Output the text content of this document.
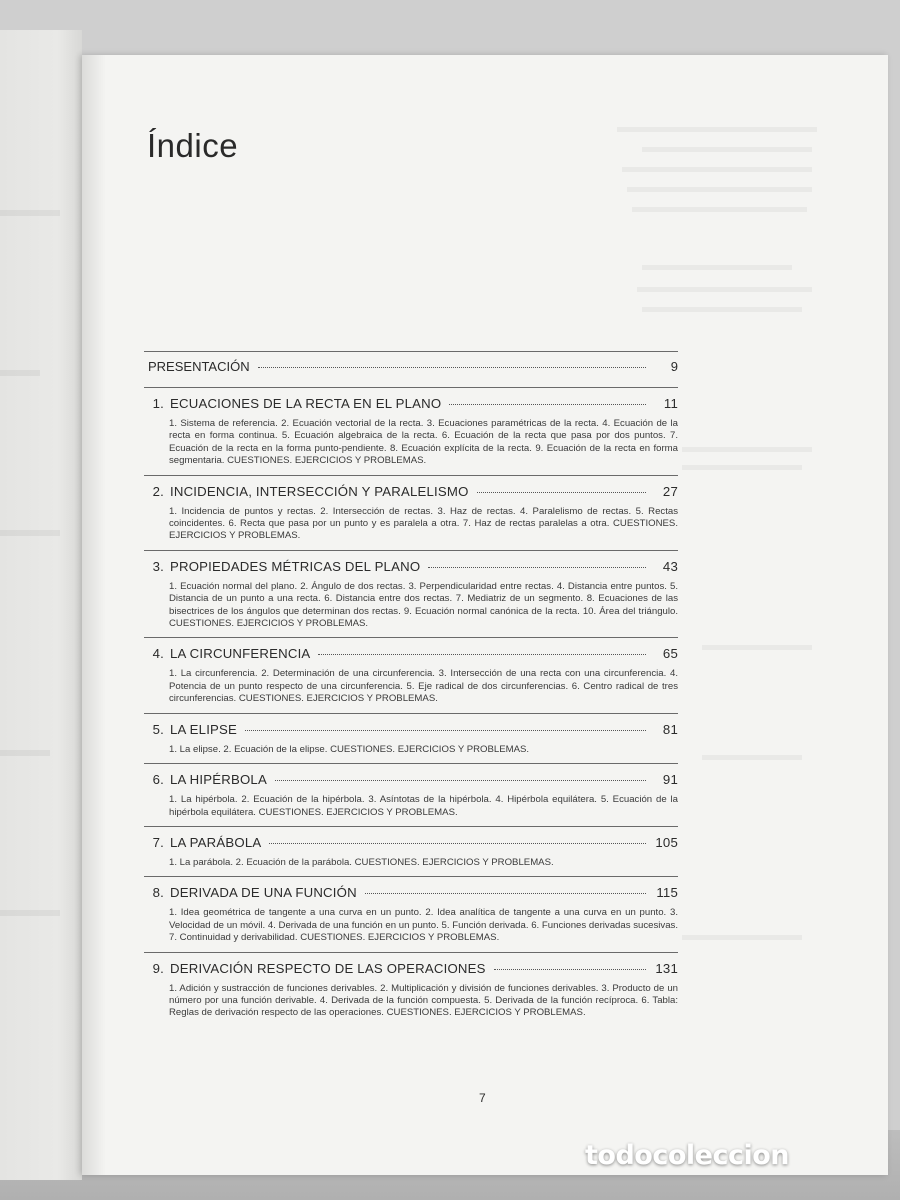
Índice
PRESENTACIÓN	9
1. ECUACIONES DE LA RECTA EN EL PLANO	11
1. Sistema de referencia. 2. Ecuación vectorial de la recta. 3. Ecuaciones paramétricas de la recta. 4. Ecuación de la recta en forma continua. 5. Ecuación algebraica de la recta. 6. Ecuación de la recta que pasa por dos puntos. 7. Ecuación de la recta en la forma punto-pendiente. 8. Ecuación explícita de la recta. 9. Ecuación de la recta en forma segmentaria. CUESTIONES. EJERCICIOS Y PROBLEMAS.
2. INCIDENCIA, INTERSECCIÓN Y PARALELISMO	27
1. Incidencia de puntos y rectas. 2. Intersección de rectas. 3. Haz de rectas. 4. Paralelismo de rectas. 5. Rectas coincidentes. 6. Recta que pasa por un punto y es paralela a otra. 7. Haz de rectas paralelas a otra. CUESTIONES. EJERCICIOS Y PROBLEMAS.
3. PROPIEDADES MÉTRICAS DEL PLANO	43
1. Ecuación normal del plano. 2. Ángulo de dos rectas. 3. Perpendicularidad entre rectas. 4. Distancia entre puntos. 5. Distancia de un punto a una recta. 6. Distancia entre dos rectas. 7. Mediatriz de un segmento. 8. Ecuaciones de las bisectrices de los ángulos que determinan dos rectas. 9. Ecuación normal canónica de la recta. 10. Área del triángulo. CUESTIONES. EJERCICIOS Y PROBLEMAS.
4. LA CIRCUNFERENCIA	65
1. La circunferencia. 2. Determinación de una circunferencia. 3. Intersección de una recta con una circunferencia. 4. Potencia de un punto respecto de una circunferencia. 5. Eje radical de dos circunferencias. 6. Centro radical de tres circunferencias. CUESTIONES. EJERCICIOS Y PROBLEMAS.
5. LA ELIPSE	81
1. La elipse. 2. Ecuación de la elipse. CUESTIONES. EJERCICIOS Y PROBLEMAS.
6. LA HIPÉRBOLA	91
1. La hipérbola. 2. Ecuación de la hipérbola. 3. Asíntotas de la hipérbola. 4. Hipérbola equilátera. 5. Ecuación de la hipérbola equilátera. CUESTIONES. EJERCICIOS Y PROBLEMAS.
7. LA PARÁBOLA	105
1. La parábola. 2. Ecuación de la parábola. CUESTIONES. EJERCICIOS Y PROBLEMAS.
8. DERIVADA DE UNA FUNCIÓN	115
1. Idea geométrica de tangente a una curva en un punto. 2. Idea analítica de tangente a una curva en un punto. 3. Velocidad de un móvil. 4. Derivada de una función en un punto. 5. Función derivada. 6. Funciones derivadas sucesivas. 7. Continuidad y derivabilidad. CUESTIONES. EJERCICIOS Y PROBLEMAS.
9. DERIVACIÓN RESPECTO DE LAS OPERACIONES	131
1. Adición y sustracción de funciones derivables. 2. Multiplicación y división de funciones derivables. 3. Producto de un número por una función derivable. 4. Derivada de la función compuesta. 5. Derivada de la función recíproca. 6. Tabla: Reglas de derivación respecto de las operaciones. CUESTIONES. EJERCICIOS Y PROBLEMAS.
7
todocoleccion
